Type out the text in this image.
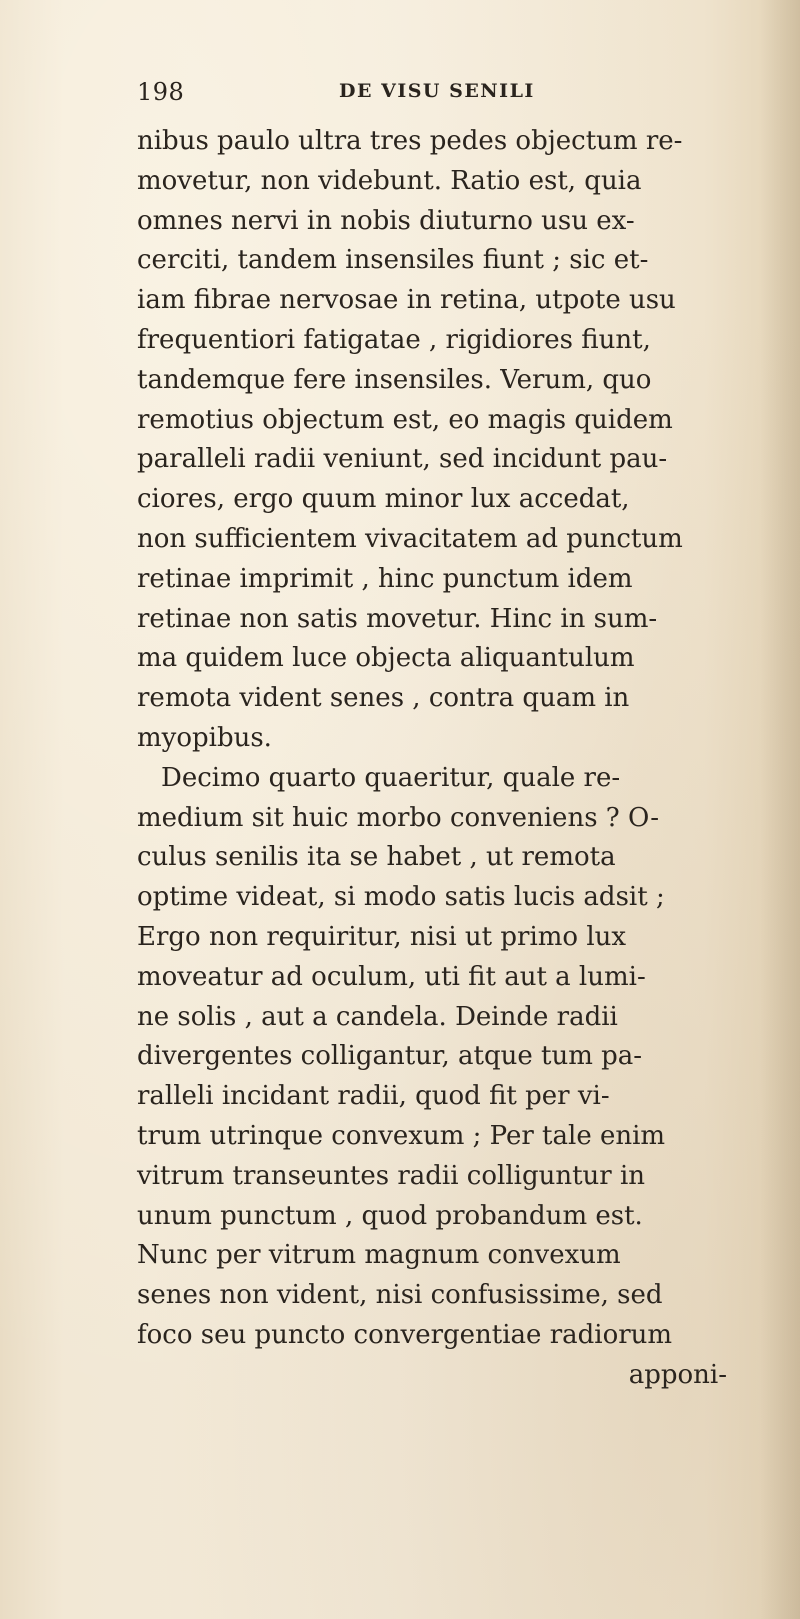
198	DE VISU SENILI
nibus paulo ultra tres pedes objectum re-
movetur, non videbunt. Ratio est, quia
omnes nervi in nobis diuturno usu ex-
cerciti, tandem insensiles fiunt ; sic et-
iam fibrae nervosae in retina, utpote usu
frequentiori fatigatae , rigidiores fiunt,
tandemque fere insensiles. Verum, quo
remotius objectum est, eo magis quidem
paralleli radii veniunt, sed incidunt pau-
ciores, ergo quum minor lux accedat,
non sufficientem vivacitatem ad punctum
retinae imprimit , hinc punctum idem
retinae non satis movetur. Hinc in sum-
ma quidem luce objecta aliquantulum
remota vident senes , contra quam in
myopibus.
Decimo quarto quaeritur, quale re-
medium sit huic morbo conveniens ? O-
culus senilis ita se habet , ut remota
optime videat, si modo satis lucis adsit ;
Ergo non requiritur, nisi ut primo lux
moveatur ad oculum, uti fit aut a lumi-
ne solis , aut a candela. Deinde radii
divergentes colligantur, atque tum pa-
ralleli incidant radii, quod fit per vi-
trum utrinque convexum ; Per tale enim
vitrum transeuntes radii colliguntur in
unum punctum , quod probandum est.
Nunc per vitrum magnum convexum
senes non vident, nisi confusissime, sed
foco seu puncto convergentiae radiorum
apponi-
